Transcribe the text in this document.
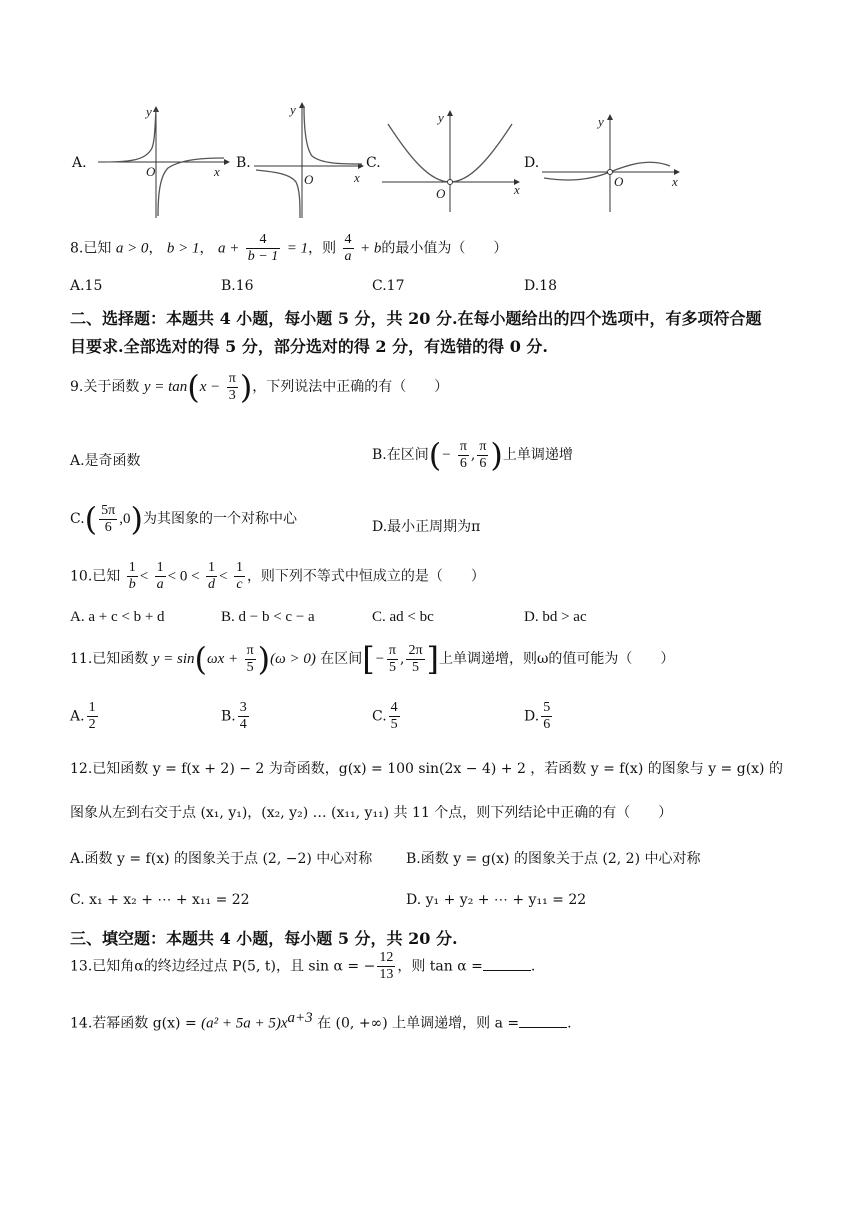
A.
y
O	x
B.
y
O	x
C.
y
O	x
D.
y
O	x
8.已知 a > 0， b > 1， $a + \frac{4}{b - 1} = 1$，则 $\frac{4}{a} + b$的最小值为（　　）
A.15	B.16	C.17	D.18
二、选择题：本题共 4 小题，每小题 5 分，共 20 分.在每小题给出的四个选项中，有多项符合题
目要求.全部选对的得 5 分，部分选对的得 2 分，有选错的得 0 分.
9.关于函数 $y = \tan(x - \frac{\pi}{3}$ )，下列说法中正确的有（　　）
A.是奇函数	B.在区间(− $\frac{\pi}{6}$ , $\frac{\pi}{6}$ )上单调递增
$C.( \frac{5\pi}{6} ,0)$为其图象的一个对称中心	D.最小正周期为π
10.已知 $\frac{1}{b} < \frac{1}{a} < 0 < \frac{1}{d} < \frac{1}{c}$ ，则下列不等式中恒成立的是（　　）
A. a + c < b + d	B. d − b < c − a	C. ad < bc	D. bd > ac
11.已知函数 $y = \sin(\omega x + \frac{\pi}{5} )(\omega > 0)$ 在区间[− $\frac{\pi}{5}$ , $\frac{2\pi}{5}$ ]上单调递增，则ω的值可能为（　　）
A. $\frac{1}{2}$	B. $\frac{3}{4}$	C. $\frac{4}{5}$	D. $\frac{5}{6}$
12.已知函数 y = f(x + 2) − 2 为奇函数，g(x) = 100 sin(2x − 4) + 2 ，若函数 y = f(x) 的图象与 y = g(x) 的
图象从左到右交于点 (x₁, y₁)，(x₂, y₂) … (x₁₁, y₁₁) 共 11 个点，则下列结论中正确的有（　　）
A.函数 y = f(x) 的图象关于点 (2, −2) 中心对称 B.函数 y = g(x) 的图象关于点 (2, 2) 中心对称
C. x₁ + x₂ + ⋯ + x₁₁ = 22	D. y₁ + y₂ + ⋯ + y₁₁ = 22
三、填空题：本题共 4 小题，每小题 5 分，共 20 分.
13.已知角α的终边经过点 P(5, t)，且 sin α = − $\frac{12}{13}$ ，则 tan α =	.
14.若幂函数 $g(x) = (a^2 + 5a + 5)x^{a+3}$ 在 (0, +∞) 上单调递增，则 a =	.
